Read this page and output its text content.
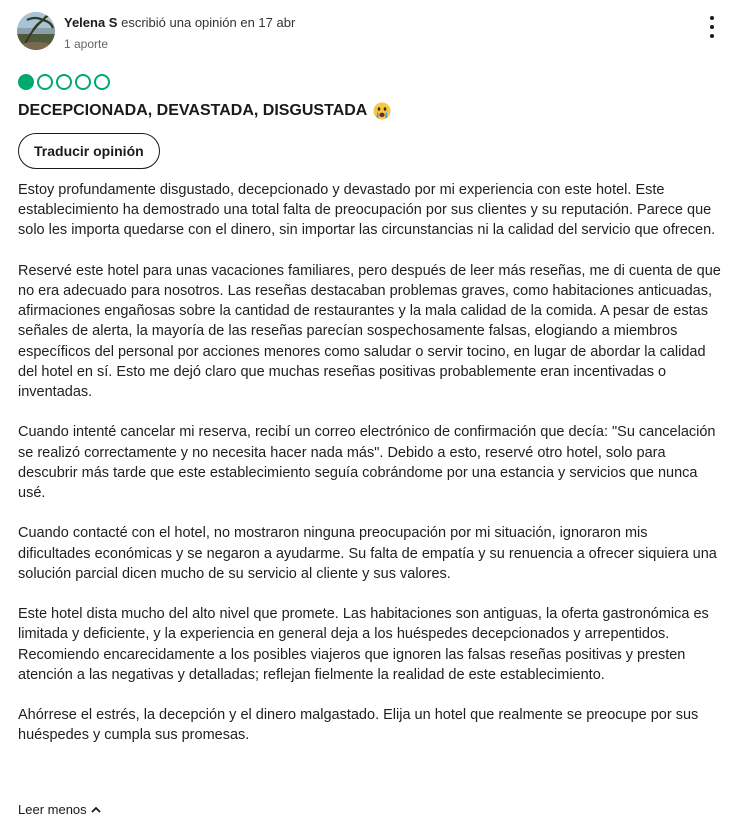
Yelena S escribió una opinión en 17 abr
1 aporte
DECEPCIONADA, DEVASTADA, DISGUSTADA
Traducir opinión

Estoy profundamente disgustado, decepcionado y devastado por mi experiencia con este hotel. Este establecimiento ha demostrado una total falta de preocupación por sus clientes y su reputación. Parece que solo les importa quedarse con el dinero, sin importar las circunstancias ni la calidad del servicio que ofrecen.

Reservé este hotel para unas vacaciones familiares, pero después de leer más reseñas, me di cuenta de que no era adecuado para nosotros. Las reseñas destacaban problemas graves, como habitaciones anticuadas, afirmaciones engañosas sobre la cantidad de restaurantes y la mala calidad de la comida. A pesar de estas señales de alerta, la mayoría de las reseñas parecían sospechosamente falsas, elogiando a miembros específicos del personal por acciones menores como saludar o servir tocino, en lugar de abordar la calidad del hotel en sí. Esto me dejó claro que muchas reseñas positivas probablemente eran incentivadas o inventadas.

Cuando intenté cancelar mi reserva, recibí un correo electrónico de confirmación que decía: "Su cancelación se realizó correctamente y no necesita hacer nada más". Debido a esto, reservé otro hotel, solo para descubrir más tarde que este establecimiento seguía cobrándome por una estancia y servicios que nunca usé.

Cuando contacté con el hotel, no mostraron ninguna preocupación por mi situación, ignoraron mis dificultades económicas y se negaron a ayudarme. Su falta de empatía y su renuencia a ofrecer siquiera una solución parcial dicen mucho de su servicio al cliente y sus valores.

Este hotel dista mucho del alto nivel que promete. Las habitaciones son antiguas, la oferta gastronómica es limitada y deficiente, y la experiencia en general deja a los huéspedes decepcionados y arrepentidos. Recomiendo encarecidamente a los posibles viajeros que ignoren las falsas reseñas positivas y presten atención a las negativas y detalladas; reflejan fielmente la realidad de este establecimiento.

Ahórrese el estrés, la decepción y el dinero malgastado. Elija un hotel que realmente se preocupe por sus huéspedes y cumpla sus promesas.

Leer menos
